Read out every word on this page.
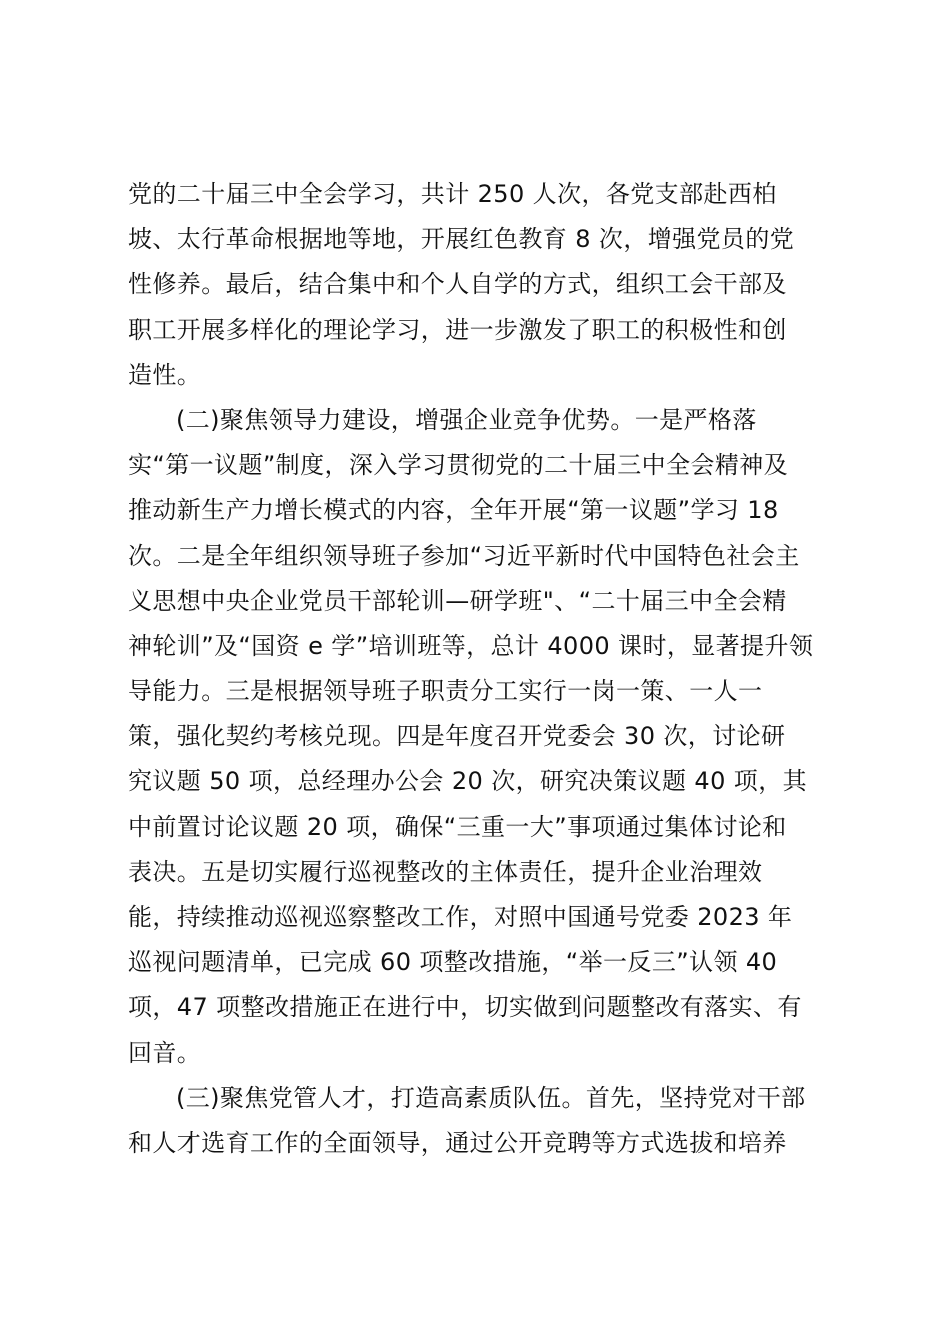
党的二十届三中全会学习，共计 250 人次，各党支部赴西柏
坡、太行革命根据地等地，开展红色教育 8 次，增强党员的党
性修养。最后，结合集中和个人自学的方式，组织工会干部及
职工开展多样化的理论学习，进一步激发了职工的积极性和创
造性。
(二)聚焦领导力建设，增强企业竞争优势。一是严格落
实“第一议题”制度，深入学习贯彻党的二十届三中全会精神及
推动新生产力增长模式的内容，全年开展“第一议题”学习 18
次。二是全年组织领导班子参加“习近平新时代中国特色社会主
义思想中央企业党员干部轮训—研学班"、“二十届三中全会精
神轮训”及“国资 e 学”培训班等，总计 4000 课时，显著提升领
导能力。三是根据领导班子职责分工实行一岗一策、一人一
策，强化契约考核兑现。四是年度召开党委会 30 次，讨论研
究议题 50 项，总经理办公会 20 次，研究决策议题 40 项，其
中前置讨论议题 20 项，确保“三重一大”事项通过集体讨论和
表决。五是切实履行巡视整改的主体责任，提升企业治理效
能，持续推动巡视巡察整改工作，对照中国通号党委 2023 年
巡视问题清单，已完成 60 项整改措施，“举一反三”认领 40
项，47 项整改措施正在进行中，切实做到问题整改有落实、有
回音。
(三)聚焦党管人才，打造高素质队伍。首先，坚持党对干部
和人才选育工作的全面领导，通过公开竞聘等方式选拔和培养
